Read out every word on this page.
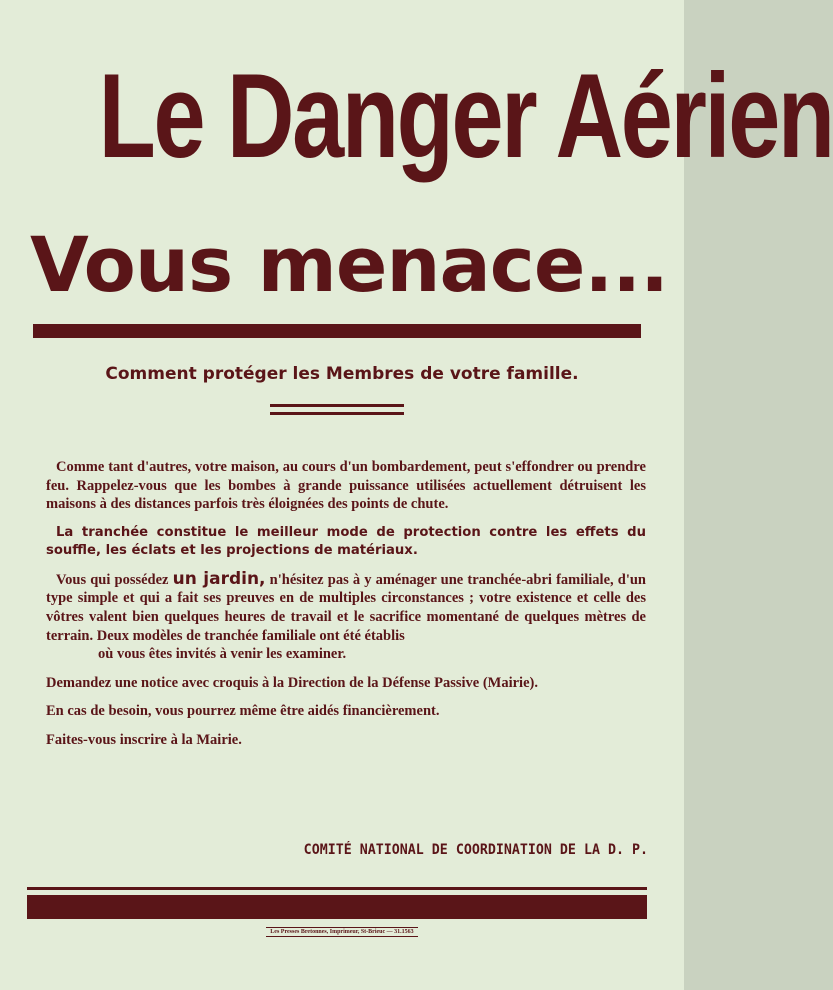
Le Danger Aérien
Vous menace...
Comment protéger les Membres de votre famille.

Comme tant d'autres, votre maison, au cours d'un bombardement, peut s'effondrer ou prendre feu. Rappelez-vous que les bombes à grande puissance utilisées actuellement détruisent les maisons à des distances parfois très éloignées des points de chute.

La tranchée constitue le meilleur mode de protection contre les effets du souffle, les éclats et les projections de matériaux.

Vous qui possédez un jardin, n'hésitez pas à y aménager une tranchée-abri familiale, d'un type simple et qui a fait ses preuves en de multiples circonstances ; votre existence et celle des vôtres valent bien quelques heures de travail et le sacrifice momentané de quelques mètres de terrain. Deux modèles de tranchée familiale ont été établis
où vous êtes invités à venir les examiner.

Demandez une notice avec croquis à la Direction de la Défense Passive (Mairie).

En cas de besoin, vous pourrez même être aidés financièrement.

Faites-vous inscrire à la Mairie.

COMITÉ NATIONAL DE COORDINATION DE LA D. P.
Les Presses Bretonnes, Imprimeur, St-Brieuc — 31.1563
